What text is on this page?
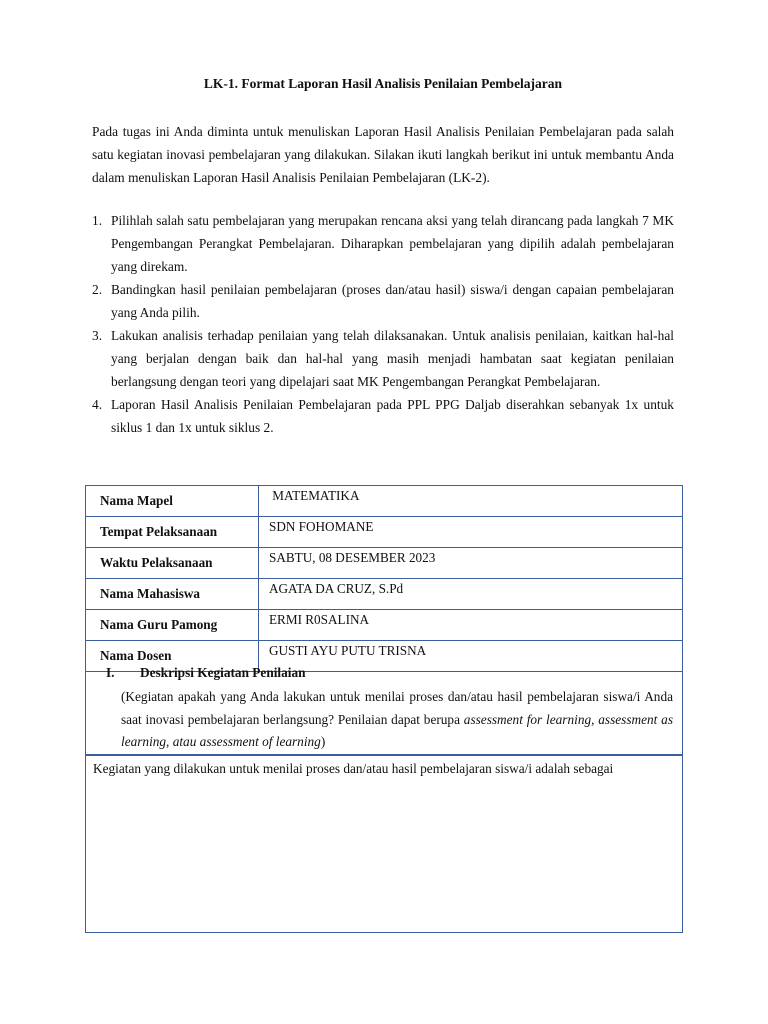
LK-1. Format Laporan Hasil Analisis Penilaian Pembelajaran

Pada tugas ini Anda diminta untuk menuliskan Laporan Hasil Analisis Penilaian Pembelajaran pada salah satu kegiatan inovasi pembelajaran yang dilakukan. Silakan ikuti langkah berikut ini untuk membantu Anda dalam menuliskan Laporan Hasil Analisis Penilaian Pembelajaran (LK-2).

1. Pilihlah salah satu pembelajaran yang merupakan rencana aksi yang telah dirancang pada langkah 7 MK Pengembangan Perangkat Pembelajaran. Diharapkan pembelajaran yang dipilih adalah pembelajaran yang direkam.
2. Bandingkan hasil penilaian pembelajaran (proses dan/atau hasil) siswa/i dengan capaian pembelajaran yang Anda pilih.
3. Lakukan analisis terhadap penilaian yang telah dilaksanakan. Untuk analisis penilaian, kaitkan hal-hal yang berjalan dengan baik dan hal-hal yang masih menjadi hambatan saat kegiatan penilaian berlangsung dengan teori yang dipelajari saat MK Pengembangan Perangkat Pembelajaran.
4. Laporan Hasil Analisis Penilaian Pembelajaran pada PPL PPG Daljab diserahkan sebanyak 1x untuk siklus 1 dan 1x untuk siklus 2.
Nama Mapel	MATEMATIKA
Tempat Pelaksanaan	SDN FOHOMANE
Waktu Pelaksanaan	SABTU, 08 DESEMBER 2023
Nama Mahasiswa	AGATA DA CRUZ, S.Pd
Nama Guru Pamong	ERMI R0SALINA
Nama Dosen	GUSTI AYU PUTU TRISNA
I. Deskripsi Kegiatan Penilaian

(Kegiatan apakah yang Anda lakukan untuk menilai proses dan/atau hasil pembelajaran siswa/i Anda saat inovasi pembelajaran berlangsung? Penilaian dapat berupa assessment for learning, assessment as learning, atau assessment of learning)

Kegiatan yang dilakukan untuk menilai proses dan/atau hasil pembelajaran siswa/i adalah sebagai
